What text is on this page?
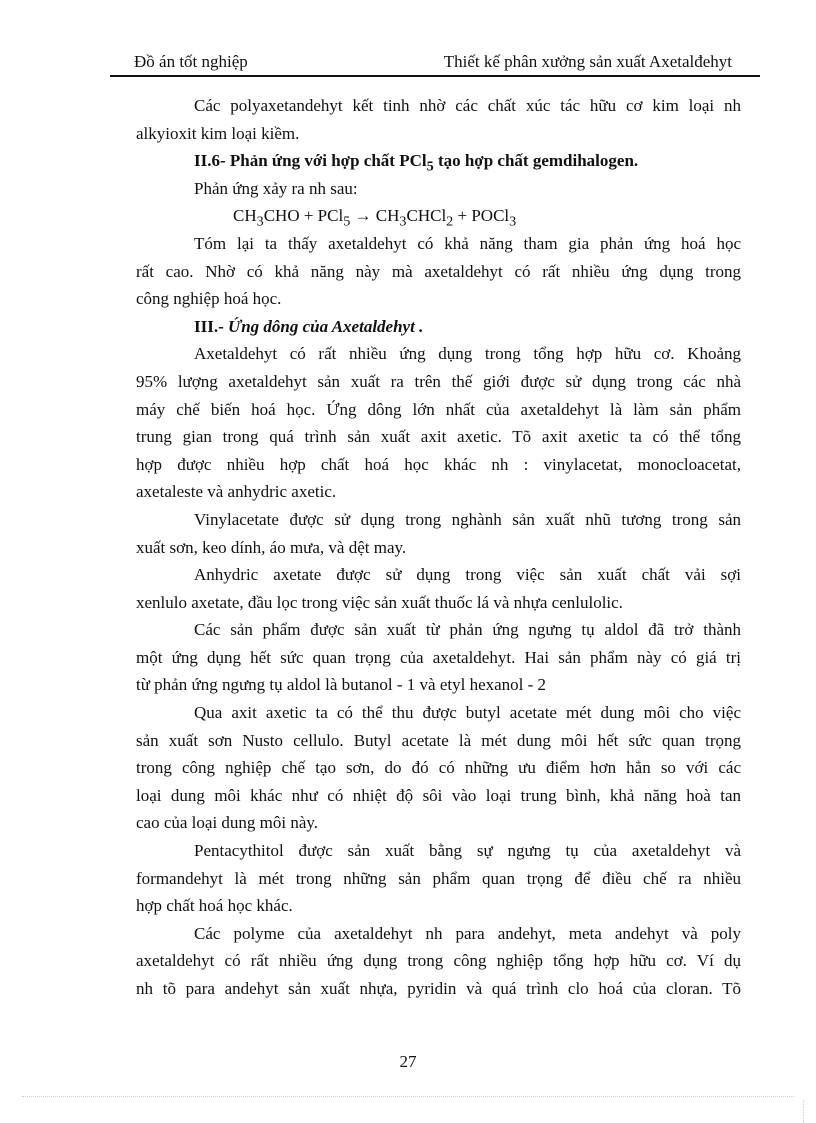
Đồ án tốt nghiệp	Thiết kế phân xưởng sản xuất Axetalđehyt
Các polyaxetandehyt kết tinh nhờ các chất xúc tác hữu cơ kim loại nh
alkyioxit kim loại kiềm.
II.6- Phản ứng với hợp chất PCl$_5$ tạo hợp chất gemdihalogen.
Phản ứng xảy ra nh sau:
$CH_3CHO + PCl_5$ → $CH_3CHCl_2$ + POCl$_3$
Tóm lại ta thấy axetaldehyt có khả năng tham gia phản ứng hoá học
rất cao. Nhờ có khả năng này mà axetaldehyt có rất nhiều ứng dụng trong
công nghiệp hoá học.
III.- Ứng dông của Axetaldehyt .
Axetaldehyt có rất nhiều ứng dụng trong tổng hợp hữu cơ. Khoảng
95% lượng axetaldehyt sản xuất ra trên thế giới được sử dụng trong các nhà
máy chế biến hoá học. Ứng dông lớn nhất của axetaldehyt là làm sản phẩm
trung gian trong quá trình sản xuất axit axetic. Tõ axit axetic ta có thể tổng
hợp được nhiều hợp chất hoá học khác nh : vinylacetat, monocloacetat,
axetaleste và anhydric axetic.
Vinylacetate được sử dụng trong nghành sản xuất nhũ tương trong sản
xuất sơn, keo dính, áo mưa, và dệt may.
Anhydric axetate được sử dụng trong việc sản xuất chất vải sợi
xenlulo axetate, đầu lọc trong việc sản xuất thuốc lá và nhựa cenlulolic.
Các sản phẩm được sản xuất từ phản ứng ngưng tụ aldol đã trở thành
một ứng dụng hết sức quan trọng của axetaldehyt. Hai sản phẩm này có giá trị
từ phản ứng ngưng tụ aldol là butanol - 1 và etyl hexanol - 2
Qua axit axetic ta có thể thu được butyl acetate mét dung môi cho việc
sản xuất sơn Nusto cellulo. Butyl acetate là mét dung môi hết sức quan trọng
trong công nghiệp chế tạo sơn, do đó có những ưu điểm hơn hẳn so với các
loại dung môi khác như có nhiệt độ sôi vào loại trung bình, khả năng hoà tan
cao của loại dung môi này.
Pentacythitol được sản xuất bằng sự ngưng tụ của axetaldehyt và
formandehyt là mét trong những sản phẩm quan trọng để điều chế ra nhiều
hợp chất hoá học khác.
Các polyme của axetaldehyt nh para andehyt, meta andehyt và poly
axetaldehyt có rất nhiều ứng dụng trong công nghiệp tổng hợp hữu cơ. Ví dụ
nh tõ para andehyt sản xuất nhựa, pyridin và quá trình clo hoá của cloran. Tõ
27
